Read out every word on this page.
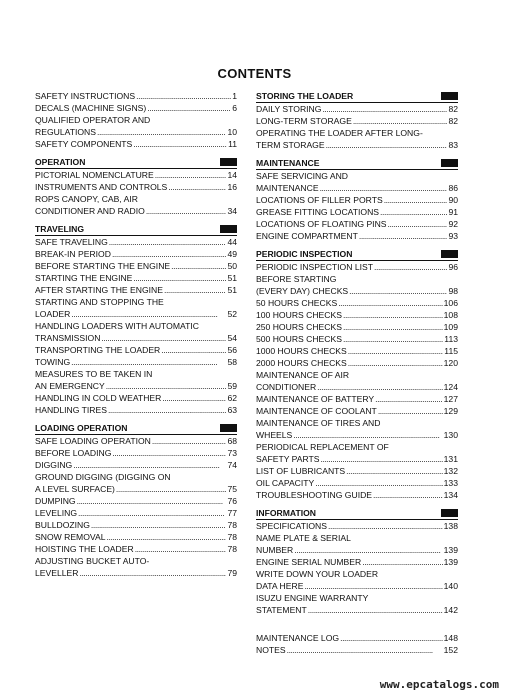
CONTENTS
SAFETY INSTRUCTIONS . . .	1
DECALS (MACHINE SIGNS) . . .	6
QUALIFIED OPERATOR AND
REGULATIONS . . .	10
SAFETY COMPONENTS . . .	11
OPERATION
PICTORIAL NOMENCLATURE . . .	14
INSTRUMENTS AND CONTROLS . . .	16
ROPS CANOPY, CAB, AIR
CONDITIONER AND RADIO . . .	34
TRAVELING
SAFE TRAVELING . . .	44
BREAK-IN PERIOD . . .	49
BEFORE STARTING THE ENGINE . . .	50
STARTING THE ENGINE . . .	51
AFTER STARTING THE ENGINE . . .	51
STARTING AND STOPPING THE
LOADER . . .	52
HANDLING LOADERS WITH AUTOMATIC
TRANSMISSION . . .	54
TRANSPORTING THE LOADER . . .	56
TOWING . . .	58
MEASURES TO BE TAKEN IN
AN EMERGENCY . . .	59
HANDLING IN COLD WEATHER . . .	62
HANDLING TIRES . . .	63
LOADING OPERATION
SAFE LOADING OPERATION . . .	68
BEFORE LOADING . . .	73
DIGGING . . .	74
GROUND DIGGING (DIGGING ON
A LEVEL SURFACE) . . .	75
DUMPING . . .	76
LEVELING . . .	77
BULLDOZING . . .	78
SNOW REMOVAL . . .	78
HOISTING THE LOADER . . .	78
ADJUSTING BUCKET AUTO-
LEVELLER . . .	79
STORING THE LOADER
DAILY STORING . . .	82
LONG-TERM STORAGE . . .	82
OPERATING THE LOADER AFTER LONG-
TERM STORAGE . . .	83
MAINTENANCE
SAFE SERVICING AND
MAINTENANCE . . .	86
LOCATIONS OF FILLER PORTS . . .	90
GREASE FITTING LOCATIONS . . .	91
LOCATIONS OF FLOATING PINS . . .	92
ENGINE COMPARTMENT . . .	93
PERIODIC INSPECTION
PERIODIC INSPECTION LIST . . .	96
BEFORE STARTING
(EVERY DAY) CHECKS . . .	98
50 HOURS CHECKS . . .	106
100 HOURS CHECKS . . .	108
250 HOURS CHECKS . . .	109
500 HOURS CHECKS . . .	113
1000 HOURS CHECKS . . .	115
2000 HOURS CHECKS . . .	120
MAINTENANCE OF AIR
CONDITIONER . . .	124
MAINTENANCE OF BATTERY . . .	127
MAINTENANCE OF COOLANT . . .	129
MAINTENANCE OF TIRES AND
WHEELS . . .	130
PERIODICAL REPLACEMENT OF
SAFETY PARTS . . .	131
LIST OF LUBRICANTS . . .	132
OIL CAPACITY . . .	133
TROUBLESHOOTING GUIDE . . .	134
INFORMATION
SPECIFICATIONS . . .	138
NAME PLATE & SERIAL
NUMBER . . .	139
ENGINE SERIAL NUMBER . . .	139
WRITE DOWN YOUR LOADER
DATA HERE . . .	140
ISUZU ENGINE WARRANTY
STATEMENT . . .	142
MAINTENANCE LOG . . .	148
NOTES . . .	152
www.epcatalogs.com
